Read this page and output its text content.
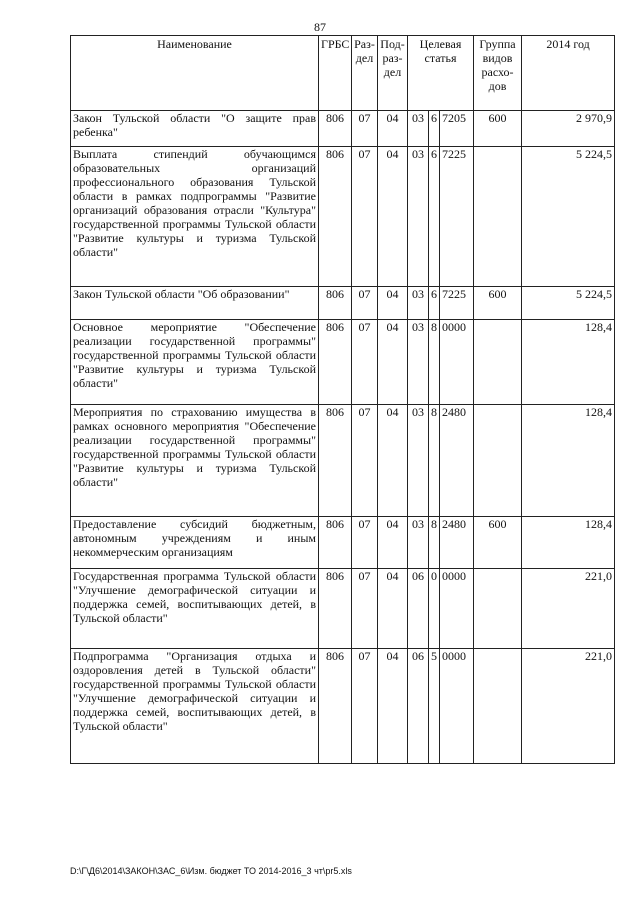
87
Наименование	ГРБС	Раз-дел	Под-раз-дел	Целевая статья			Группа видов расхо-дов	2014 год
Закон Тульской области "О защите прав ребенка"	806	07	04	03	6	7205	600	2 970,9
Выплата стипендий обучающимся образовательных организаций профессионального образования Тульской области в рамках подпрограммы "Развитие организаций образования отрасли "Культура" государственной программы Тульской области "Развитие культуры и туризма Тульской области"	806	07	04	03	6	7225		5 224,5
Закон Тульской области "Об образовании"	806	07	04	03	6	7225	600	5 224,5
Основное мероприятие "Обеспечение реализации государственной программы" государственной программы Тульской области "Развитие культуры и туризма Тульской области"	806	07	04	03	8	0000		128,4
Мероприятия по страхованию имущества в рамках основного мероприятия "Обеспечение реализации государственной программы" государственной программы Тульской области "Развитие культуры и туризма Тульской области"	806	07	04	03	8	2480		128,4
Предоставление субсидий бюджетным, автономным учреждениям и иным некоммерческим организациям	806	07	04	03	8	2480	600	128,4
Государственная программа Тульской области "Улучшение демографической ситуации и поддержка семей, воспитывающих детей, в Тульской области"	806	07	04	06	0	0000		221,0
Подпрограмма "Организация отдыха и оздоровления детей в Тульской области" государственной программы Тульской области "Улучшение демографической ситуации и поддержка семей, воспитывающих детей, в Тульской области"	806	07	04	06	5	0000		221,0
D:\Г\Д6\2014\ЗАКОН\ЗАС_6\Изм. бюджет ТО 2014-2016_3 чт\pr5.xls
